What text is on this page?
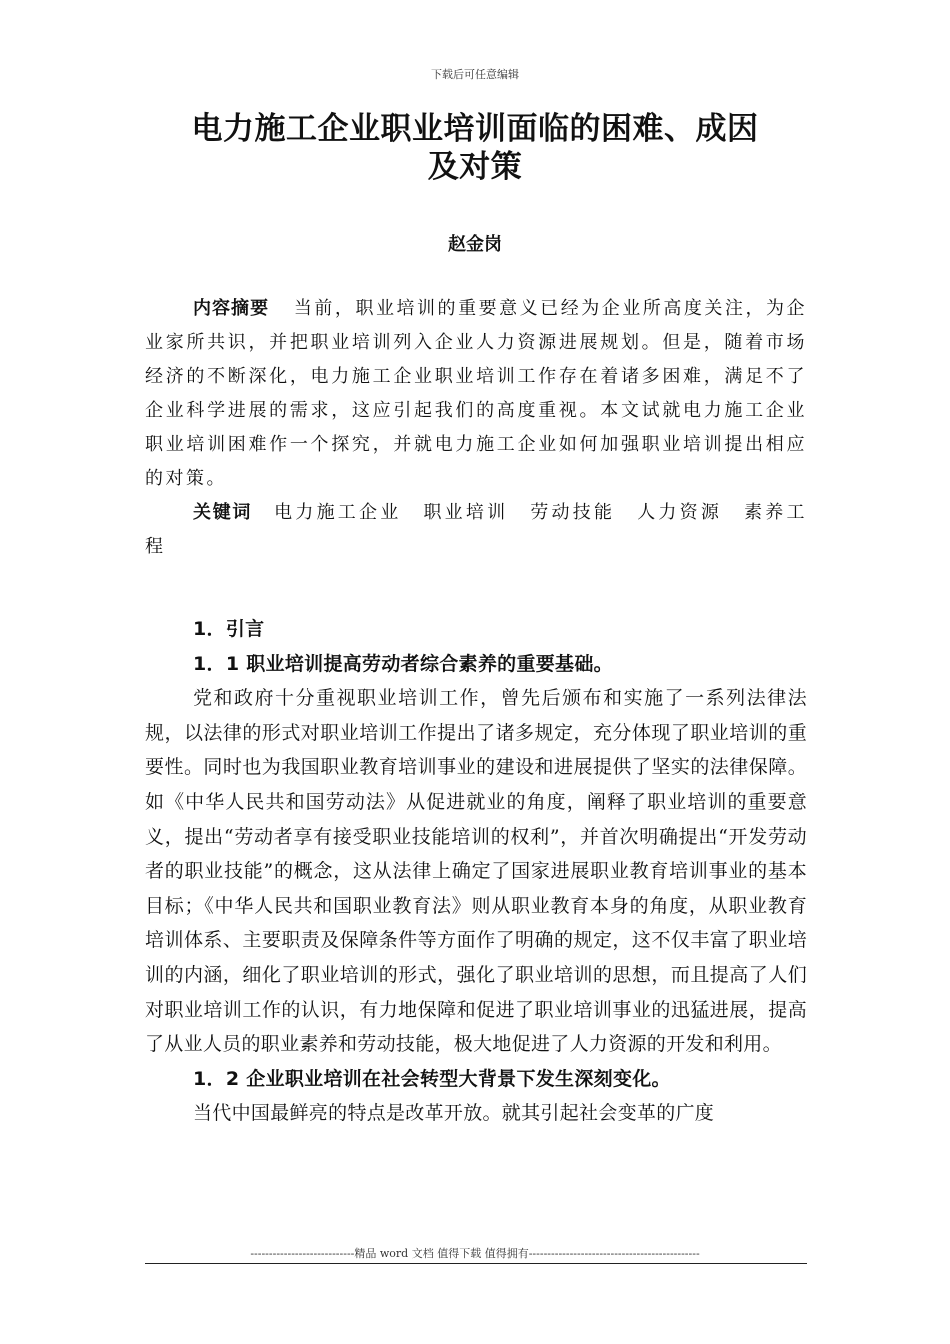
下载后可任意编辑
电力施工企业职业培训面临的困难、成因
及对策
赵金岗

内容摘要 当前，职业培训的重要意义已经为企业所高度关注，为企业家所共识，并把职业培训列入企业人力资源进展规划。但是，随着市场经济的不断深化，电力施工企业职业培训工作存在着诸多困难，满足不了企业科学进展的需求，这应引起我们的高度重视。本文试就电力施工企业职业培训困难作一个探究，并就电力施工企业如何加强职业培训提出相应的对策。

关键词 电力施工企业 职业培训 劳动技能 人力资源 素养工程

1．引言

1．1 职业培训提高劳动者综合素养的重要基础。

党和政府十分重视职业培训工作，曾先后颁布和实施了一系列法律法规，以法律的形式对职业培训工作提出了诸多规定，充分体现了职业培训的重要性。同时也为我国职业教育培训事业的建设和进展提供了坚实的法律保障。如《中华人民共和国劳动法》从促进就业的角度，阐释了职业培训的重要意义，提出“劳动者享有接受职业技能培训的权利”，并首次明确提出“开发劳动者的职业技能”的概念，这从法律上确定了国家进展职业教育培训事业的基本目标；《中华人民共和国职业教育法》则从职业教育本身的角度，从职业教育培训体系、主要职责及保障条件等方面作了明确的规定，这不仅丰富了职业培训的内涵，细化了职业培训的形式，强化了职业培训的思想，而且提高了人们对职业培训工作的认识，有力地保障和促进了职业培训事业的迅猛进展，提高了从业人员的职业素养和劳动技能，极大地促进了人力资源的开发和利用。

1．2 企业职业培训在社会转型大背景下发生深刻变化。

当代中国最鲜亮的特点是改革开放。就其引起社会变革的广度

----------------------------精品 word 文档 值得下载 值得拥有----------------------------------------------
